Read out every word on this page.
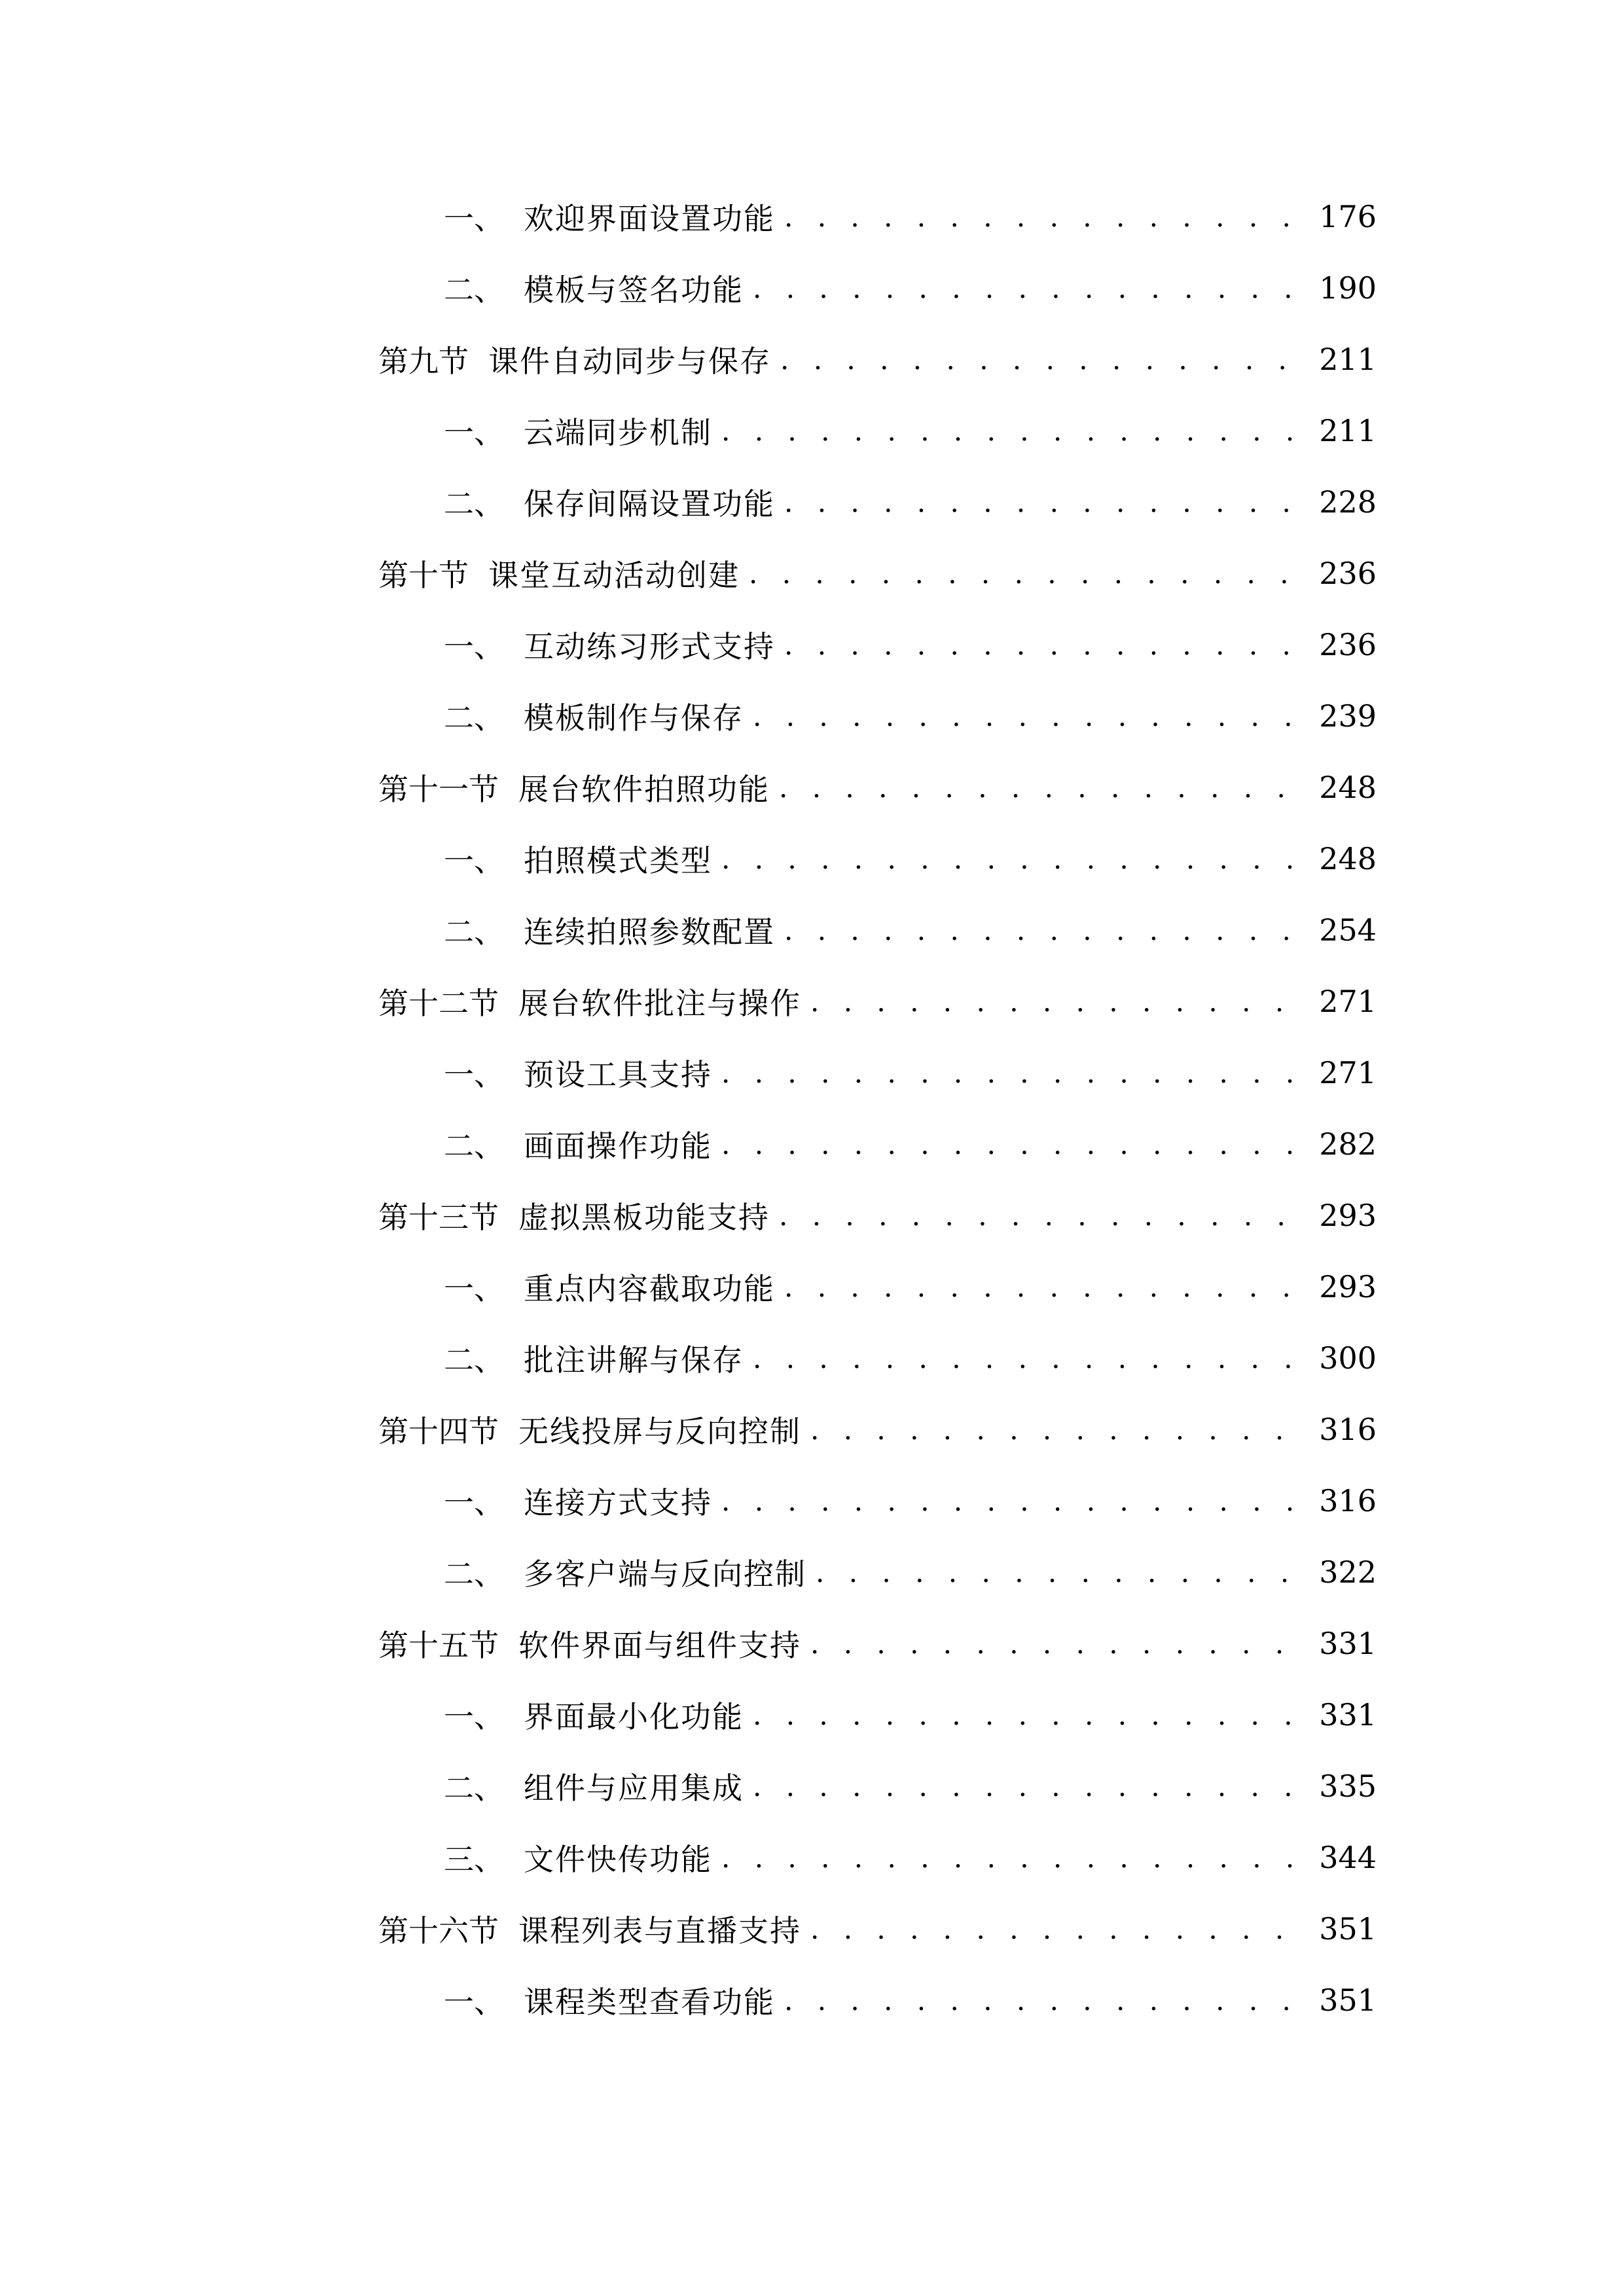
一、 欢迎界面设置功能 . . .	176
二、 模板与签名功能 . . .	190
第九节 课件自动同步与保存 . . .	211
一、 云端同步机制 . . .	211
二、 保存间隔设置功能 . . .	228
第十节 课堂互动活动创建 . . .	236
一、 互动练习形式支持 . . .	236
二、 模板制作与保存 . . .	239
第十一节 展台软件拍照功能 . . .	248
一、 拍照模式类型 . . .	248
二、 连续拍照参数配置 . . .	254
第十二节 展台软件批注与操作 . . .	271
一、 预设工具支持 . . .	271
二、 画面操作功能 . . .	282
第十三节 虚拟黑板功能支持 . . .	293
一、 重点内容截取功能 . . .	293
二、 批注讲解与保存 . . .	300
第十四节 无线投屏与反向控制 . . .	316
一、 连接方式支持 . . .	316
二、 多客户端与反向控制 . . .	322
第十五节 软件界面与组件支持 . . .	331
一、 界面最小化功能 . . .	331
二、 组件与应用集成 . . .	335
三、 文件快传功能 . . .	344
第十六节 课程列表与直播支持 . . .	351
一、 课程类型查看功能 . . .	351
